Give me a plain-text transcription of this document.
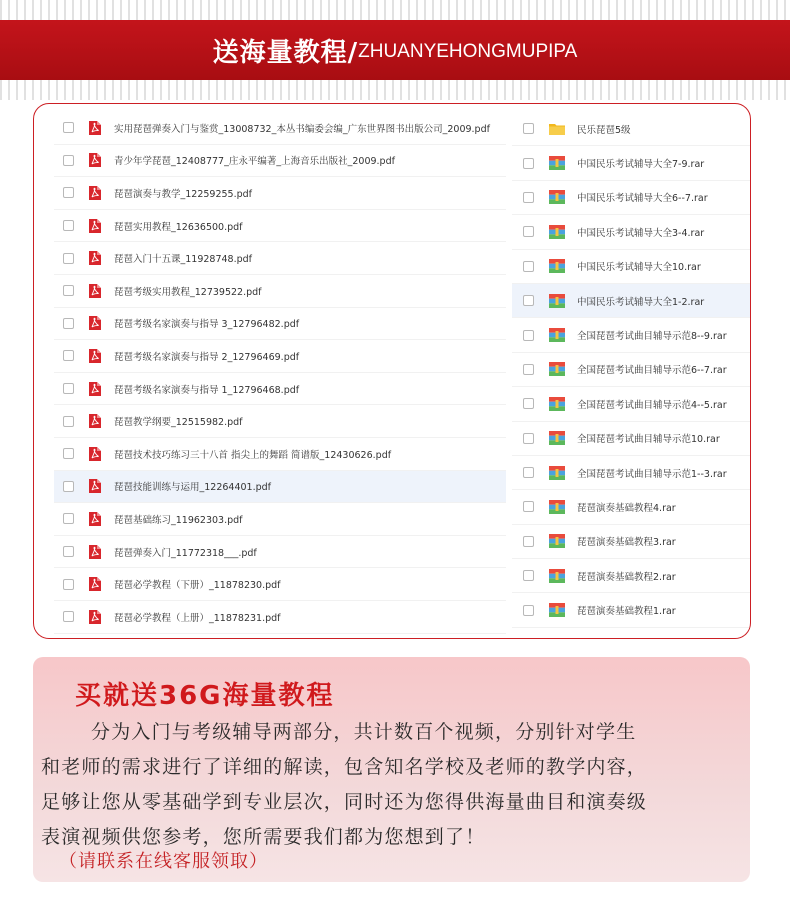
送海量教程/ ZHUANYEHONGMUPIPA
实用琵琶弹奏入门与鉴赏_13008732_本丛书编委会编_广东世界图书出版公司_2009.pdf
青少年学琵琶_12408777_庄永平编著_上海音乐出版社_2009.pdf
琵琶演奏与教学_12259255.pdf
琵琶实用教程_12636500.pdf
琵琶入门十五课_11928748.pdf
琵琶考级实用教程_12739522.pdf
琵琶考级名家演奏与指导 3_12796482.pdf
琵琶考级名家演奏与指导 2_12796469.pdf
琵琶考级名家演奏与指导 1_12796468.pdf
琵琶教学纲要_12515982.pdf
琵琶技术技巧练习三十八首 指尖上的舞蹈 简谱版_12430626.pdf
琵琶技能训练与运用_12264401.pdf
琵琶基础练习_11962303.pdf
琵琶弹奏入门_11772318___.pdf
琵琶必学教程（下册）_11878230.pdf
琵琶必学教程（上册）_11878231.pdf
民乐琵琶5级
中国民乐考试辅导大全7-9.rar
中国民乐考试辅导大全6--7.rar
中国民乐考试辅导大全3-4.rar
中国民乐考试辅导大全10.rar
中国民乐考试辅导大全1-2.rar
全国琵琶考试曲目辅导示范8--9.rar
全国琵琶考试曲目辅导示范6--7.rar
全国琵琶考试曲目辅导示范4--5.rar
全国琵琶考试曲目辅导示范10.rar
全国琵琶考试曲目辅导示范1--3.rar
琵琶演奏基础教程4.rar
琵琶演奏基础教程3.rar
琵琶演奏基础教程2.rar
琵琶演奏基础教程1.rar
买就送36G海量教程
分为入门与考级辅导两部分，共计数百个视频，分别针对学生
和老师的需求进行了详细的解读，包含知名学校及老师的教学内容，
足够让您从零基础学到专业层次，同时还为您得供海量曲目和演奏级
表演视频供您参考，您所需要我们都为您想到了！
（请联系在线客服领取）
